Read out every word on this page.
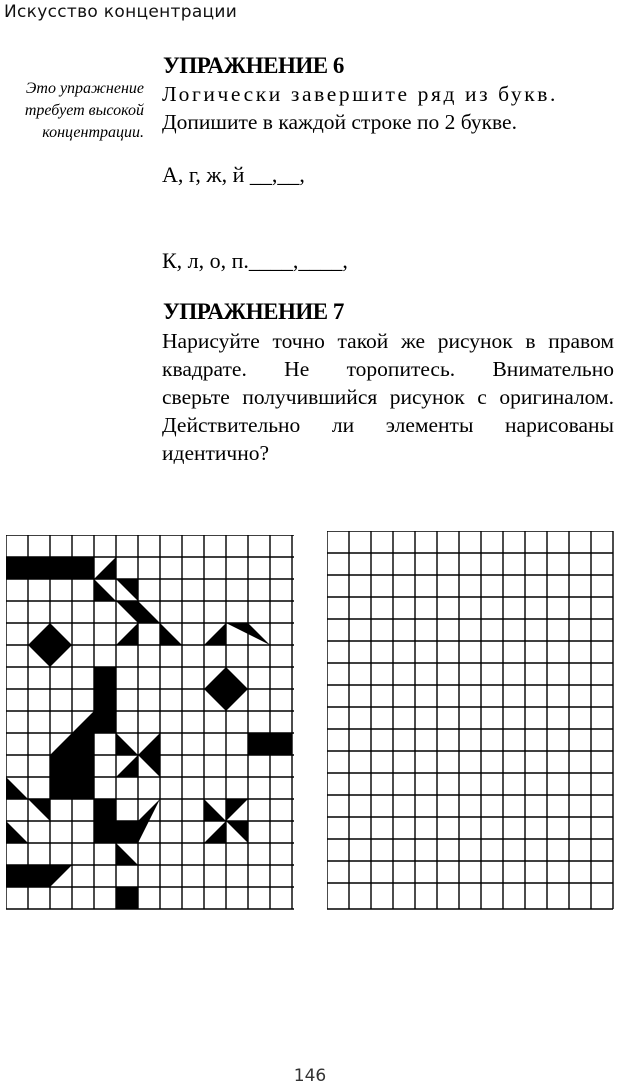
Искусство концентрации
Это упражнение
требует высокой
концентрации.
УПРАЖНЕНИЕ 6
Логически завершите ряд из букв.
Допишите в каждой строке по 2 букве.
А, г, ж, й __,__,
К, л, о, п.____,____,
УПРАЖНЕНИЕ 7
Нарисуйте точно такой же рисунок в правом
квадрате. Не торопитесь. Внимательно
сверьте получившийся рисунок с оригиналом.
Действительно ли элементы нарисованы
идентично?
146
